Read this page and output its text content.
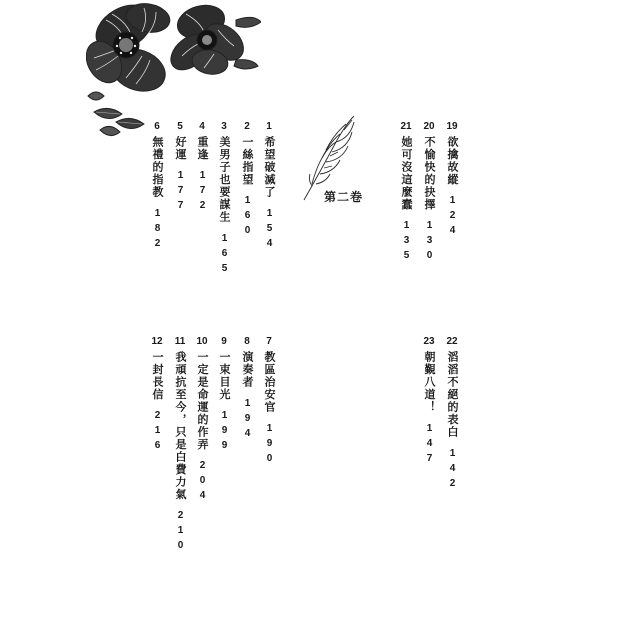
第二卷
19
欲擒故縱
124
20
不愉快的抉擇
130
21
她可沒這麼蠢
135
1
希望破滅了
154
2
一絲指望
160
3
美男子也要謀生
165
4
重逢
172
5
好運
177
6
無禮的指教
182
22
滔滔不絕的表白
142
23
朝覲八道！
147
7
教區治安官
190
8
演奏者
194
9
一束目光
199
10
一定是命運的作弄
204
11
我頑抗至今，只是白費力氣
210
12
一封長信
216
